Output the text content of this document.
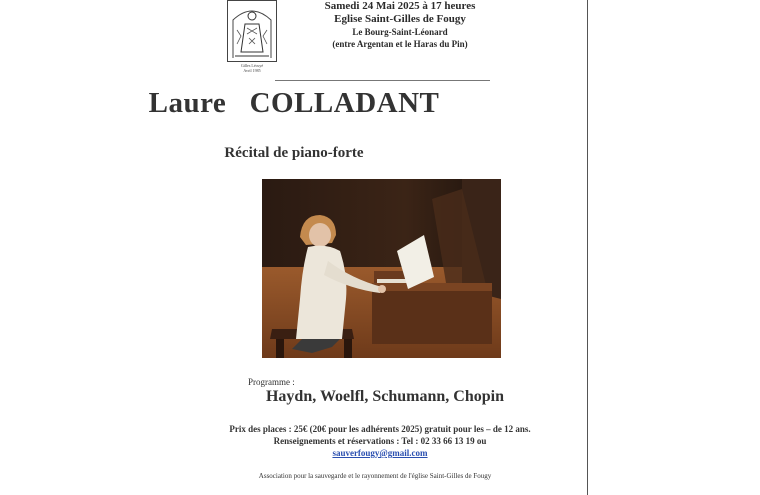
Gilles Lécuyé
Avril 1985
Samedi 24 Mai 2025 à 17 heures
Eglise Saint-Gilles de Fougy
Le Bourg-Saint-Léonard
(entre Argentan et le Haras du Pin)
Laure COLLADANT
Récital de piano-forte
Programme :
Haydn, Woelfl, Schumann, Chopin
Prix des places : 25€ (20€ pour les adhérents 2025) gratuit pour les – de 12 ans.
Renseignements et réservations : Tel : 02 33 66 13 19 ou
sauverfougy@gmail.com
Association pour la sauvegarde et le rayonnement de l'église Saint-Gilles de Fougy
